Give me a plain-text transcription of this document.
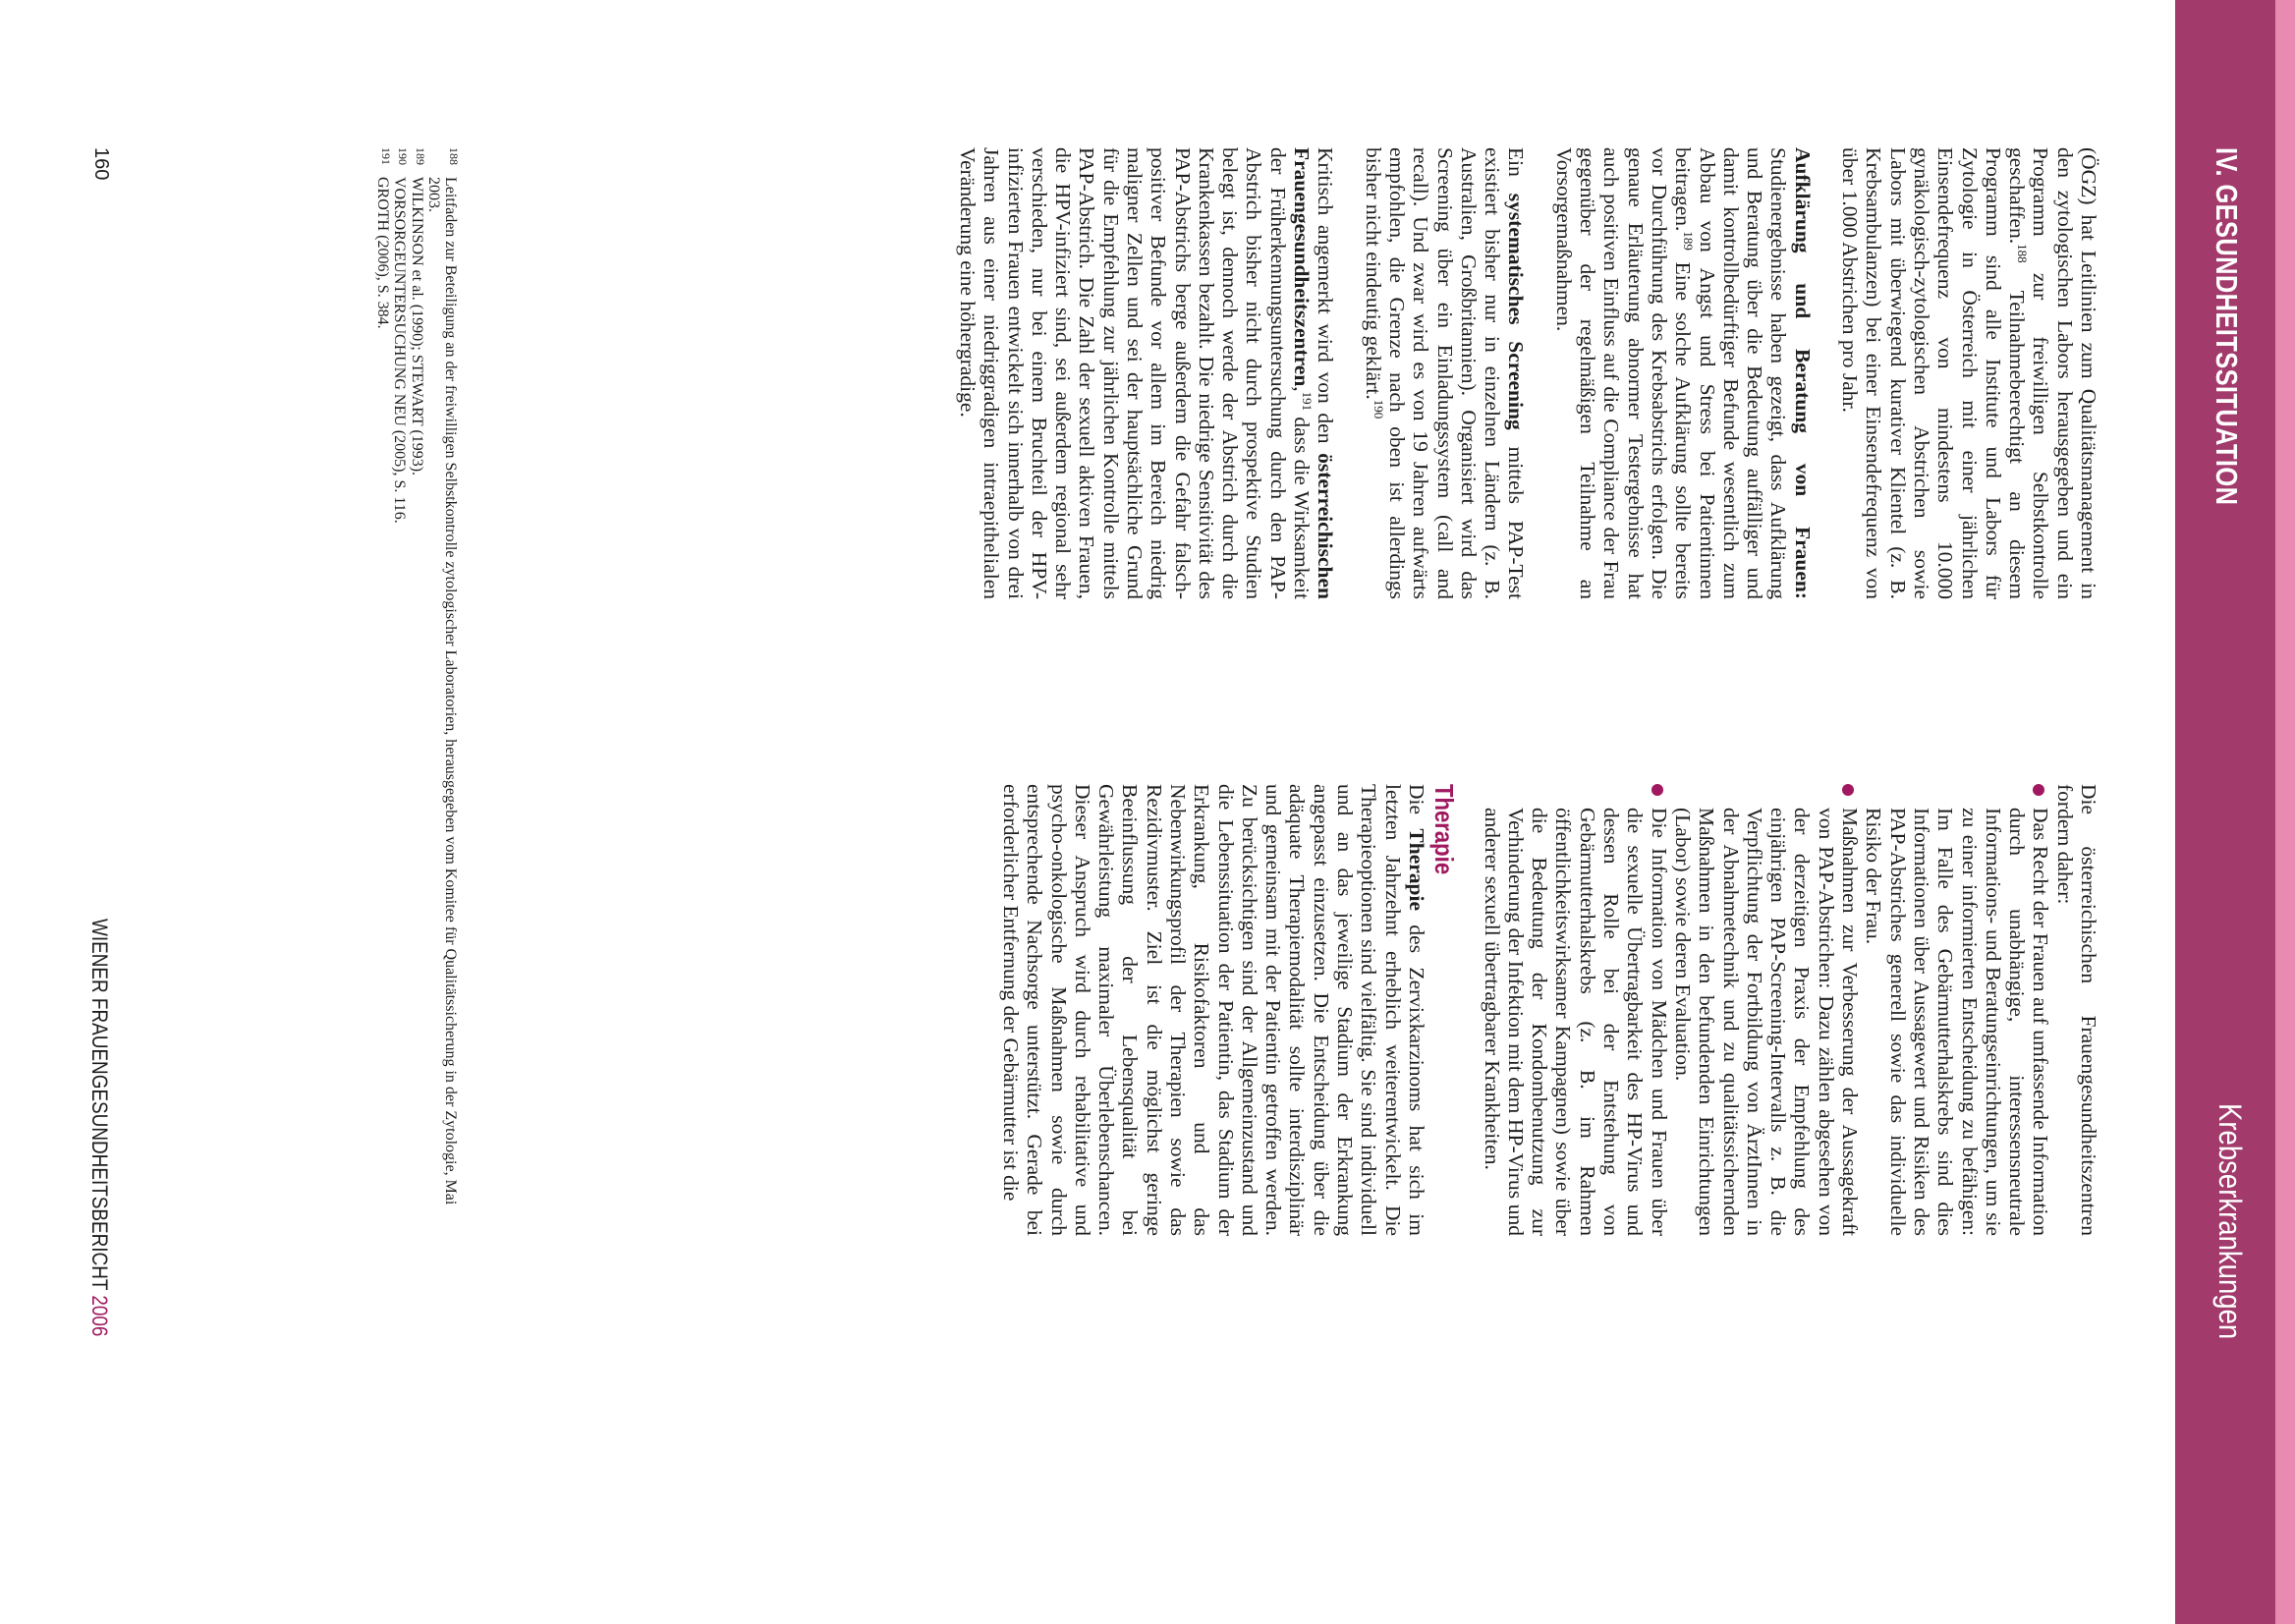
IV. GESUNDHEITSSITUATION
Krebserkrankungen

(ÖGZ) hat Leitlinien zum Qualitätsmanagement in den zytologischen Labors herausgegeben und ein Programm zur freiwilligen Selbstkontrolle geschaffen.$^{188}$ Teilnahmeberechtigt an diesem Programm sind alle Institute und Labors für Zytologie in Österreich mit einer jährlichen Einsendefrequenz von mindestens 10.000 gynäkologisch-zytologischen Abstrichen sowie Labors mit überwiegend kurativer Klientel (z. B. Krebsambulanzen) bei einer Einsendefrequenz von über 1.000 Abstrichen pro Jahr.

Aufklärung und Beratung von Frauen: Studienergebnisse haben gezeigt, dass Aufklärung und Beratung über die Bedeutung auffälliger und damit kontrollbedürftiger Befunde wesentlich zum Abbau von Angst und Stress bei Patientinnen beitragen.$^{189}$ Eine solche Aufklärung sollte bereits vor Durchführung des Krebsabstrichs erfolgen. Die genaue Erläuterung abnormer Testergebnisse hat auch positiven Einfluss auf die Compliance der Frau gegenüber der regelmäßigen Teilnahme an Vorsorgemaßnahmen.

Ein systematisches Screening mittels PAP-Test existiert bisher nur in einzelnen Ländern (z. B. Australien, Großbritannien). Organisiert wird das Screening über ein Einladungssystem (call and recall). Und zwar wird es von 19 Jahren aufwärts empfohlen, die Grenze nach oben ist allerdings bisher nicht eindeutig geklärt.$^{190}$

Kritisch angemerkt wird von den österreichischen Frauengesundheitszentren,$^{191}$ dass die Wirksamkeit der Früherkennungsuntersuchung durch den PAP-Abstrich bisher nicht durch prospektive Studien belegt ist, dennoch werde der Abstrich durch die Krankenkassen bezahlt. Die niedrige Sensitivität des PAP-Abstrichs berge außerdem die Gefahr falsch-positiver Befunde vor allem im Bereich niedrig maligner Zellen und sei der hauptsächliche Grund für die Empfehlung zur jährlichen Kontrolle mittels PAP-Abstrich. Die Zahl der sexuell aktiven Frauen, die HPV-infiziert sind, sei außerdem regional sehr verschieden, nur bei einem Bruchteil der HPV-infizierten Frauen entwickelt sich innerhalb von drei Jahren aus einer niedriggradigen intraepithelialen Veränderung eine höhergradige.

Die österreichischen Frauengesundheitszentren fordern daher:

Das Recht der Frauen auf umfassende Information durch unabhängige, interessensneutrale Informations- und Beratungseinrichtungen, um sie zu einer informierten Entscheidung zu befähigen: Im Falle des Gebärmutterhalskrebs sind dies Informationen über Aussagewert und Risiken des PAP-Abstriches generell sowie das individuelle Risiko der Frau.
Maßnahmen zur Verbesserung der Aussagekraft von PAP-Abstrichen: Dazu zählen abgesehen von der derzeitigen Praxis der Empfehlung des einjährigen PAP-Screening-Intervalls z. B. die Verpflichtung der Fortbildung von ÄrztInnen in der Abnahmetechnik und zu qualitätssichernden Maßnahmen in den befundenden Einrichtungen (Labor) sowie deren Evaluation.
Die Information von Mädchen und Frauen über die sexuelle Übertragbarkeit des HP-Virus und dessen Rolle bei der Entstehung von Gebärmutterhalskrebs (z. B. im Rahmen öffentlichkeitswirksamer Kampagnen) sowie über die Bedeutung der Kondombenutzung zur Verhinderung der Infektion mit dem HP-Virus und anderer sexuell übertragbarer Krankheiten.
Therapie

Die Therapie des Zervixkarzinoms hat sich im letzten Jahrzehnt erheblich weiterentwickelt. Die Therapieoptionen sind vielfältig. Sie sind individuell und an das jeweilige Stadium der Erkrankung angepasst einzusetzen. Die Entscheidung über die adäquate Therapiemodalität sollte interdisziplinär und gemeinsam mit der Patientin getroffen werden. Zu berücksichtigen sind der Allgemeinzustand und die Lebenssituation der Patientin, das Stadium der Erkrankung, Risikofaktoren und das Nebenwirkungsprofil der Therapien sowie das Rezidivmuster. Ziel ist die möglichst geringe Beeinflussung der Lebensqualität bei Gewährleistung maximaler Überlebenschancen. Dieser Anspruch wird durch rehabilitative und psycho-onkologische Maßnahmen sowie durch entsprechende Nachsorge unterstützt. Gerade bei erforderlicher Entfernung der Gebärmutter ist die

188
Leitfaden zur Beteiligung an der freiwilligen Selbstkontrolle zytologischer Laboratorien, herausgegeben vom Komitee für Qualitätssicherung in der Zytologie, Mai 2003.
189
WILKINSON et al. (1990); STEWART (1993).
190
VORSORGEUNTERSUCHUNG NEU (2005), S. 116.
191
GROTH (2006), S. 384.
160
WIENER FRAUENGESUNDHEITSBERICHT 2006
